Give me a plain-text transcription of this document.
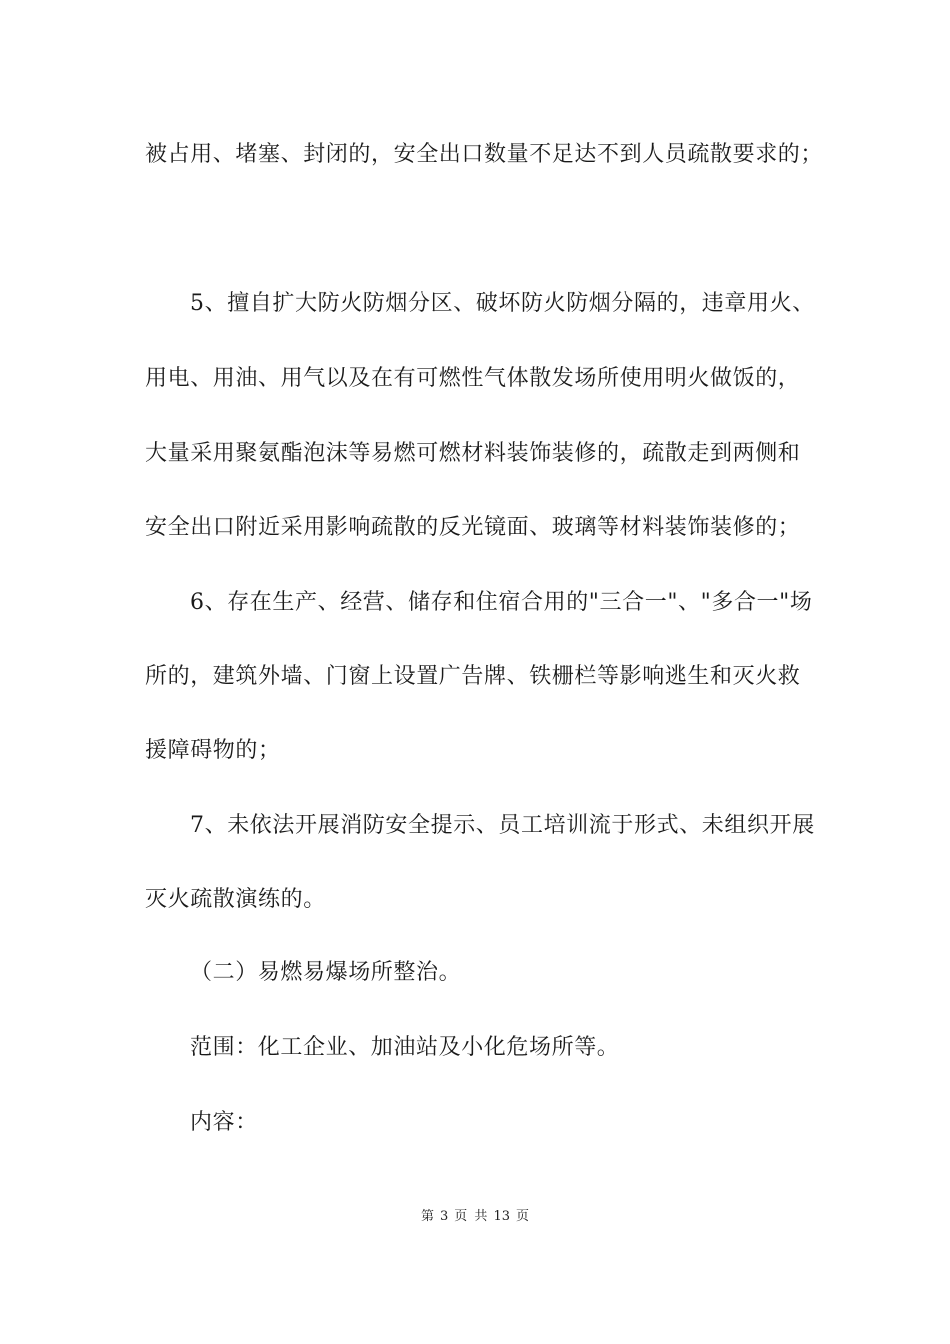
被占用、堵塞、封闭的，安全出口数量不足达不到人员疏散要求的；
5、擅自扩大防火防烟分区、破坏防火防烟分隔的，违章用火、
用电、用油、用气以及在有可燃性气体散发场所使用明火做饭的，
大量采用聚氨酯泡沫等易燃可燃材料装饰装修的，疏散走到两侧和
安全出口附近采用影响疏散的反光镜面、玻璃等材料装饰装修的；
6、存在生产、经营、储存和住宿合用的"三合一"、"多合一"场
所的，建筑外墙、门窗上设置广告牌、铁栅栏等影响逃生和灭火救
援障碍物的；
7、未依法开展消防安全提示、员工培训流于形式、未组织开展
灭火疏散演练的。
（二）易燃易爆场所整治。
范围：化工企业、加油站及小化危场所等。
内容：
第 3 页 共 13 页
